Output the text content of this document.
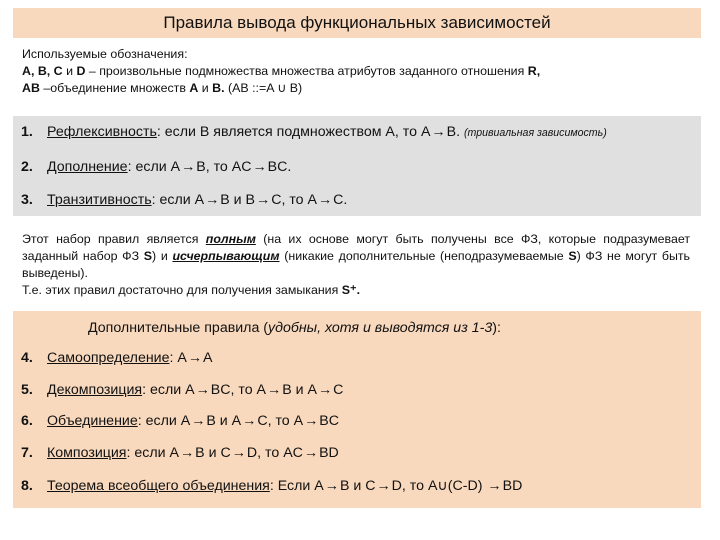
Правила вывода функциональных зависимостей
Используемые обозначения:
A, B, C и D – произвольные подмножества множества атрибутов заданного отношения R,
AB –объединение множеств A и B. (AB ::=A ∪ B)
1. Рефлексивность: если B является подмножеством A, то A→B. (тривиальная зависимость)
2. Дополнение: если A→B, то AC→BC.
3. Транзитивность: если A→B и B→C, то A→C.
Этот набор правил является полным (на их основе могут быть получены все ФЗ, которые подразумевает заданный набор ФЗ S) и исчерпывающим (никакие дополнительные (неподразумеваемые S) ФЗ не могут быть выведены).
Т.е. этих правил достаточно для получения замыкания S⁺.
Дополнительные правила (удобны, хотя и выводятся из 1-3):
4. Самоопределение: A→A
5. Декомпозиция: если A→BC, то A→B и A→C
6. Объединение: если A→B и A→C, то A→BC
7. Композиция: если A→B и C→D, то AC→BD
8. Теорема всеобщего объединения: Если A→B и C→D, то A∪(C-D) →BD
